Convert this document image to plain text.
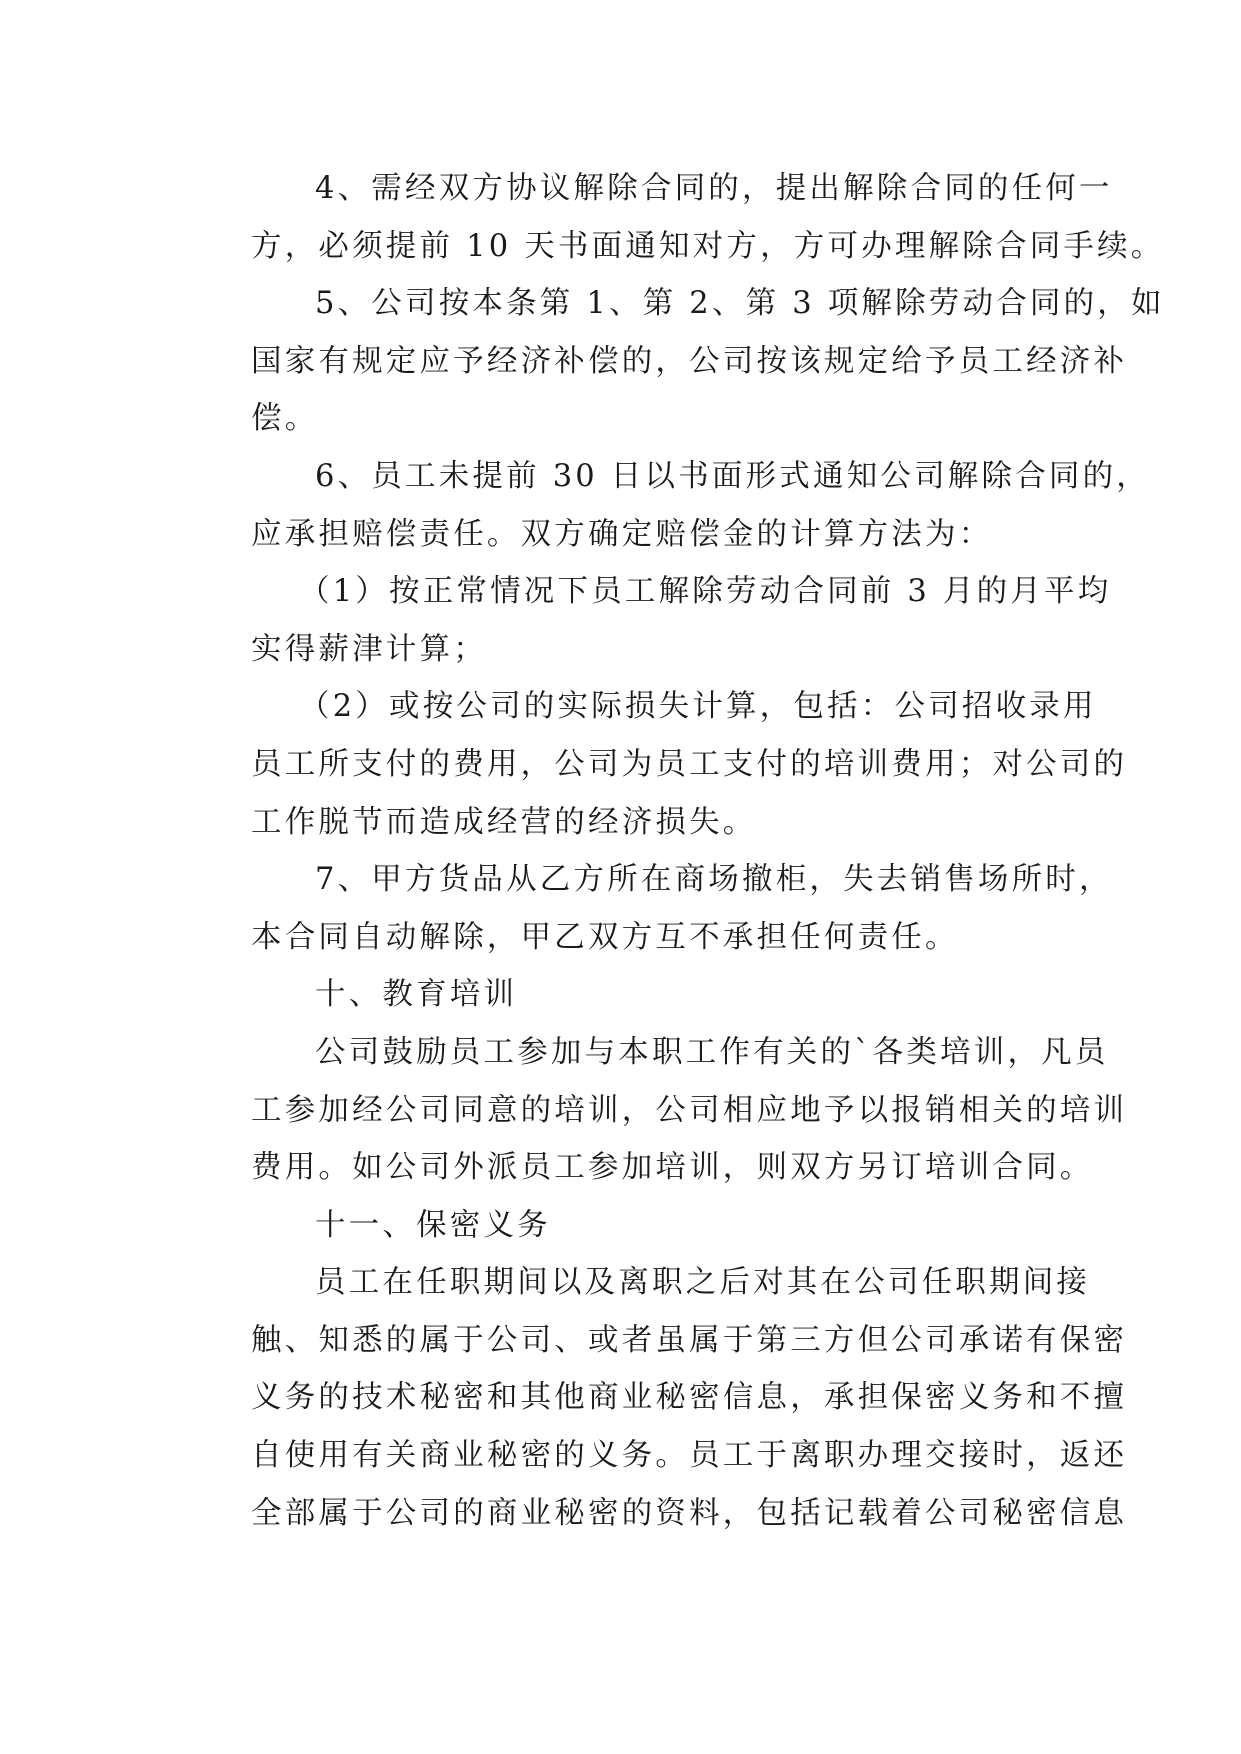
4、需经双方协议解除合同的，提出解除合同的任何一
方，必须提前 10 天书面通知对方，方可办理解除合同手续。
5、公司按本条第 1、第 2、第 3 项解除劳动合同的，如
国家有规定应予经济补偿的，公司按该规定给予员工经济补
偿。
6、员工未提前 30 日以书面形式通知公司解除合同的，
应承担赔偿责任。双方确定赔偿金的计算方法为：
（1）按正常情况下员工解除劳动合同前 3 月的月平均
实得薪津计算；
（2）或按公司的实际损失计算，包括：公司招收录用
员工所支付的费用，公司为员工支付的培训费用；对公司的
工作脱节而造成经营的经济损失。
7、甲方货品从乙方所在商场撤柜，失去销售场所时，
本合同自动解除，甲乙双方互不承担任何责任。
十、教育培训
公司鼓励员工参加与本职工作有关的`各类培训，凡员
工参加经公司同意的培训，公司相应地予以报销相关的培训
费用。如公司外派员工参加培训，则双方另订培训合同。
十一、保密义务
员工在任职期间以及离职之后对其在公司任职期间接
触、知悉的属于公司、或者虽属于第三方但公司承诺有保密
义务的技术秘密和其他商业秘密信息，承担保密义务和不擅
自使用有关商业秘密的义务。员工于离职办理交接时，返还
全部属于公司的商业秘密的资料，包括记载着公司秘密信息
